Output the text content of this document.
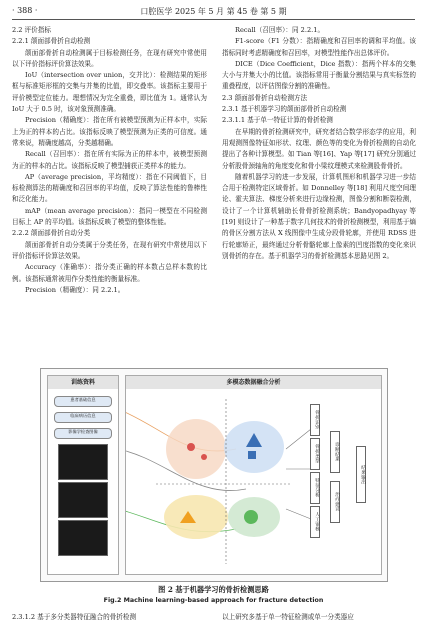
· 388 ·	口腔医学 2025 年 5 月 第 45 卷 第 5 期

2.2 评价指标

2.2.1 颌面部骨折自动检测

颌面部骨折自动检测属于目标检测任务，在现有研究中常使用以下评价指标评价算法效果。

IoU（intersection over union，交并比）：检测结果的矩形框与标准矩形框的交集与并集的比值，即交叠率。该指标主要用于评价模型定位能力。理想情况为完全重叠，即比值为 1。通常认为 IoU 大于 0.5 时，该对象预测准确。

Precision（精确度）：指在所有被模型预测为正样本中，实际上为正的样本的占比。该指标反映了模型预测为正类的可信度。通常来说，精确度越高，分类越精确。

Recall（召回率）：指在所有实际为正的样本中，被模型预测为正的样本的占比。该指标反映了模型捕获正类样本的能力。

AP（average precision，平均精度）：指在不同阈值下，目标检测算法的精确度和召回率的平均值，反映了算法性能的鲁棒性和泛化能力。

mAP（mean average precision）：指同一模型在不同检测目标上 AP 的平均值。该指标反映了模型的整体性能。

2.2.2 颌面部骨折自动分类

颌面部骨折自动分类属于分类任务，在现有研究中常使用以下评价指标评价算法效果。

Accuracy（准确率）：指分类正确的样本数占总样本数的比例。该指标通常被用作分类性能的衡量标准。

Precision（精确度）：同 2.2.1。

Recall（召回率）：同 2.2.1。

F1-score（F1 分数）：指精确度和召回率的调和平均值。该指标同时考虑精确度和召回率，对模型性能作出总体评价。

DICE（Dice Coefficient，Dice 指数）：指两个样本的交集大小与并集大小的比值。该指标常用于衡量分割结果与真实标签的重叠程度，以评估图像分割的准确性。

2.3 颌面部骨折自动检测方法

2.3.1 基于机器学习的颌面部骨折自动检测

2.3.1.1 基于单一特征计算的骨折检测

在早期的骨折检测研究中，研究者结合数学形态学的应用，利用观测图像特征如形状、纹理、颜色等的变化为骨折检测的自动化提出了各种计算模型。如 Tian 等[16]、Yap 等[17] 研究分别通过分析股骨颈轴角的角度变化和骨小梁纹理模式来检测股骨骨折。

随着机器学习的进一步发展，计算机图形和机器学习进一步结合用于检测特定区域骨折。如 Donnelley 等[18] 利用尺度空间理论、霍夫算法、梯度分析来进行边缘检测，图像分割和断裂检测，设计了一个计算机辅助长骨骨折检测系统；Bandyopadhyay 等[19] 则设计了一种基于数字几何技术的骨折检测模型，利用基于熵的骨区分割方法从 X 线图像中生成分段骨轮廓，并使用 RDSS 进行轮廓矫正，最终通过分析骨骼轮廓上像素的凹度指数的变化来识别骨折的存在。基于机器学习的骨折检测基本思路见图 2。

训练资料
患者基础信息
临床病历信息
影像学检查图像
多模态数据融合分析
骨折识别
骨折类型
特征分析
人工审核
诊断结果
治疗建议
结果输出
图 2 基于机器学习的骨折检测思路
Fig.2 Machine learning-based approach for fracture detection
2.3.1.2 基于多分类器特征融合的骨折检测	以上研究多基于单一特征检测或单一分类器应
